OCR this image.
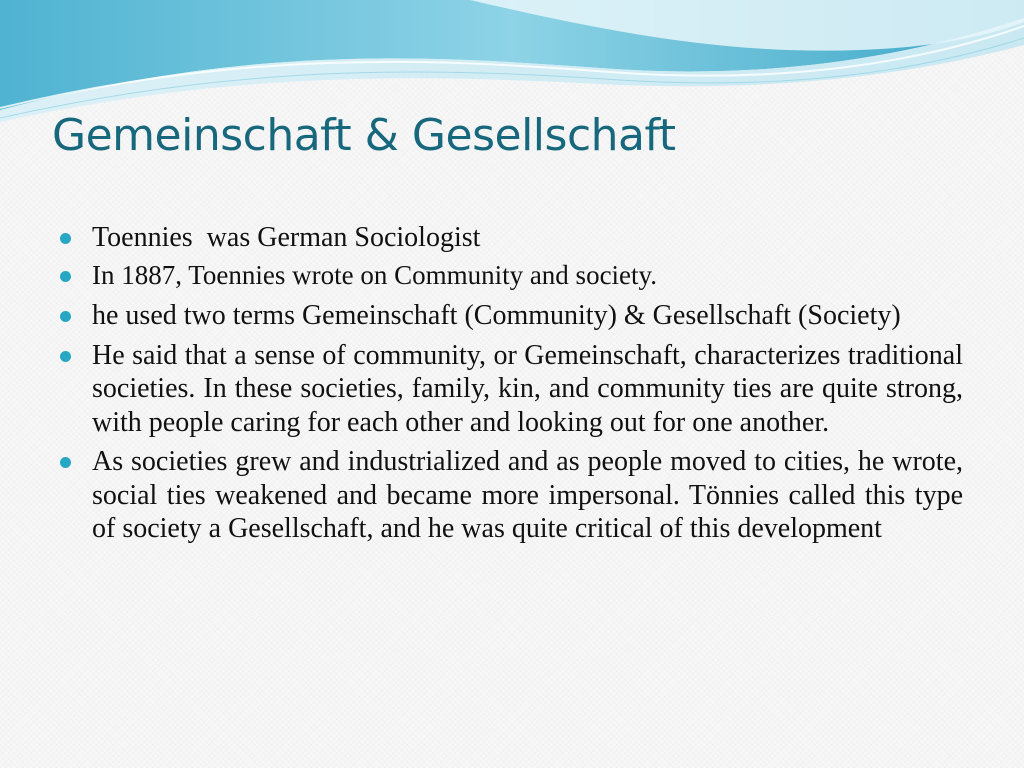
Gemeinschaft & Gesellschaft
Toennies  was German Sociologist
In 1887, Toennies wrote on Community and society.
he used two terms Gemeinschaft (Community) & Gesellschaft (Society)
He said that a sense of community, or Gemeinschaft, characterizes traditional societies. In these societies, family, kin, and community ties are quite strong, with people caring for each other and looking out for one another.
As societies grew and industrialized and as people moved to cities, he wrote, social ties weakened and became more impersonal. Tönnies called this type of society a Gesellschaft, and he was quite critical of this development
